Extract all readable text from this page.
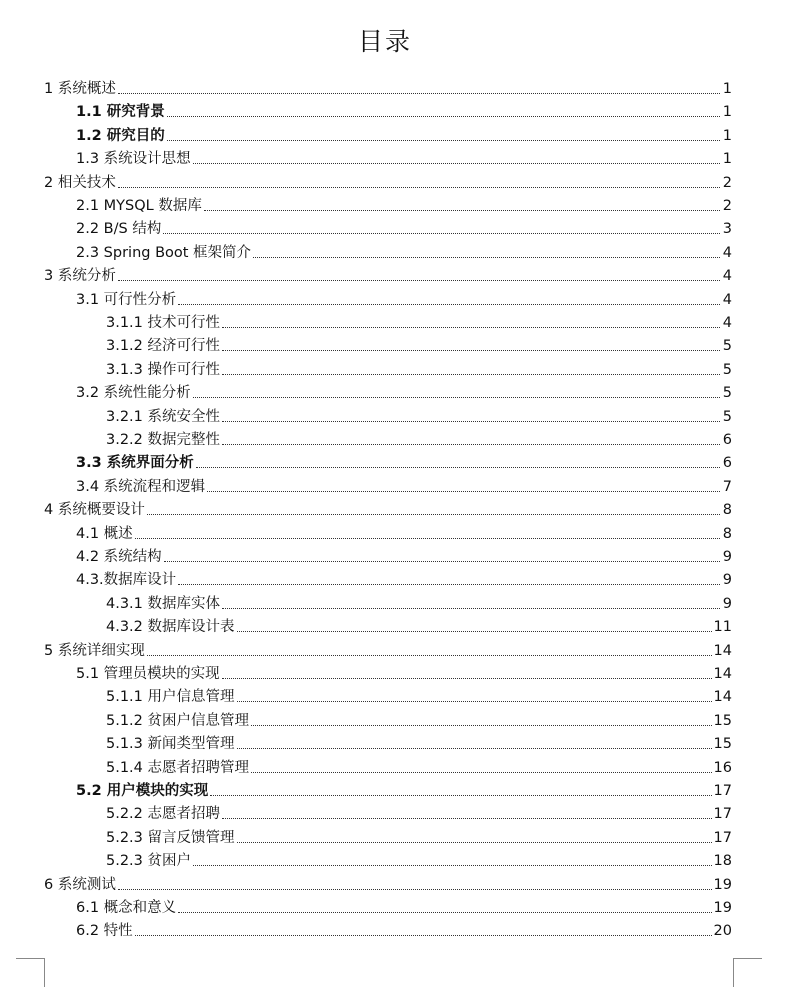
目录
1 系统概述	1
1.1 研究背景	1
1.2 研究目的	1
1.3 系统设计思想	1
2 相关技术	2
2.1 MYSQL 数据库	2
2.2 B/S 结构	3
2.3 Spring Boot 框架简介	4
3 系统分析	4
3.1 可行性分析	4
3.1.1 技术可行性	4
3.1.2 经济可行性	5
3.1.3 操作可行性	5
3.2 系统性能分析	5
3.2.1 系统安全性	5
3.2.2 数据完整性	6
3.3 系统界面分析	6
3.4 系统流程和逻辑	7
4 系统概要设计	8
4.1 概述	8
4.2 系统结构	9
4.3.数据库设计	9
4.3.1 数据库实体	9
4.3.2 数据库设计表	11
5 系统详细实现	14
5.1 管理员模块的实现	14
5.1.1 用户信息管理	14
5.1.2 贫困户信息管理	15
5.1.3 新闻类型管理	15
5.1.4 志愿者招聘管理	16
5.2 用户模块的实现	17
5.2.2 志愿者招聘	17
5.2.3 留言反馈管理	17
5.2.3 贫困户	18
6 系统测试	19
6.1 概念和意义	19
6.2 特性	20
